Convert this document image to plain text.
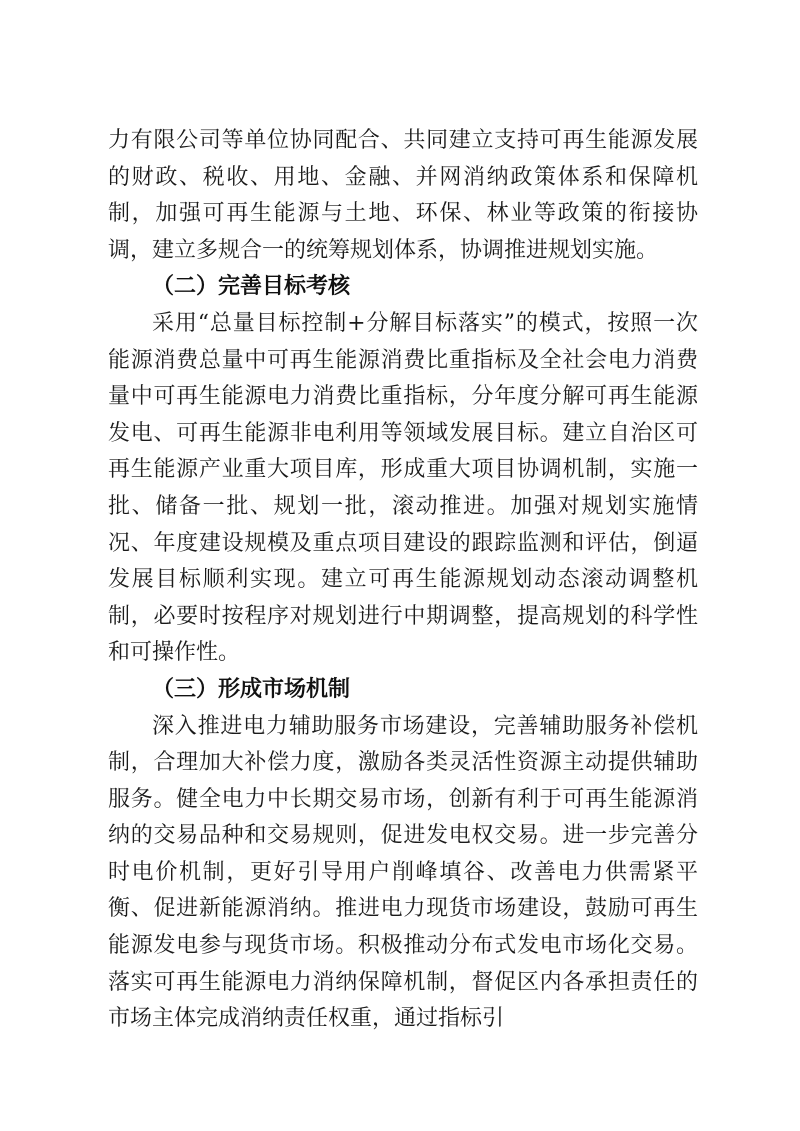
力有限公司等单位协同配合、共同建立支持可再生能源发展的财政、税收、用地、金融、并网消纳政策体系和保障机制，加强可再生能源与土地、环保、林业等政策的衔接协调，建立多规合一的统筹规划体系，协调推进规划实施。

（二）完善目标考核

采用“总量目标控制+分解目标落实”的模式，按照一次能源消费总量中可再生能源消费比重指标及全社会电力消费量中可再生能源电力消费比重指标，分年度分解可再生能源发电、可再生能源非电利用等领域发展目标。建立自治区可再生能源产业重大项目库，形成重大项目协调机制，实施一批、储备一批、规划一批，滚动推进。加强对规划实施情况、年度建设规模及重点项目建设的跟踪监测和评估，倒逼发展目标顺利实现。建立可再生能源规划动态滚动调整机制，必要时按程序对规划进行中期调整，提高规划的科学性和可操作性。

（三）形成市场机制

深入推进电力辅助服务市场建设，完善辅助服务补偿机制，合理加大补偿力度，激励各类灵活性资源主动提供辅助服务。健全电力中长期交易市场，创新有利于可再生能源消纳的交易品种和交易规则，促进发电权交易。进一步完善分时电价机制，更好引导用户削峰填谷、改善电力供需紧平衡、促进新能源消纳。推进电力现货市场建设，鼓励可再生能源发电参与现货市场。积极推动分布式发电市场化交易。落实可再生能源电力消纳保障机制，督促区内各承担责任的市场主体完成消纳责任权重，通过指标引
